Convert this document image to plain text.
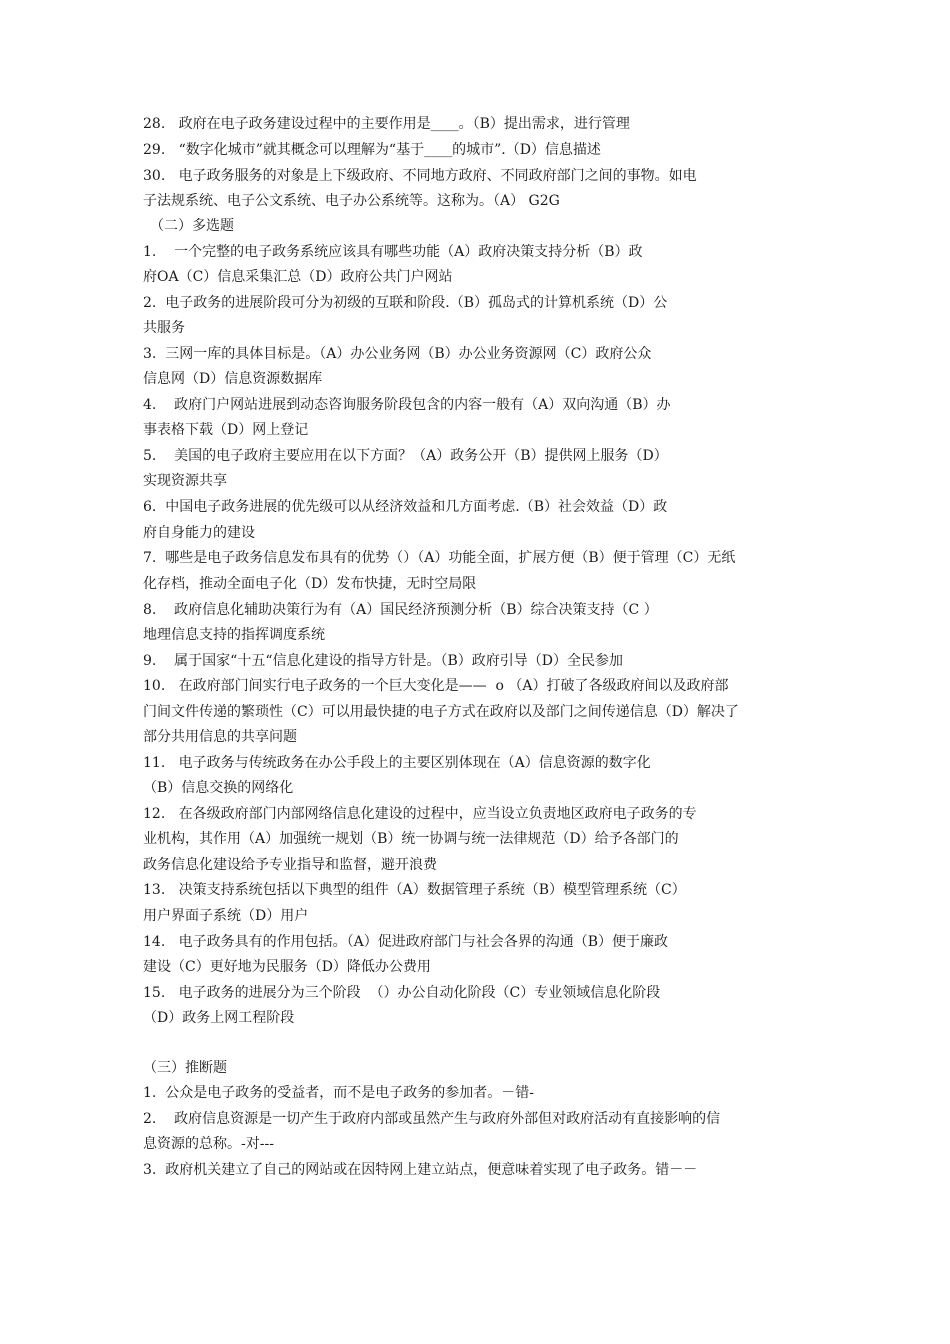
28.   政府在电子政务建设过程中的主要作用是____。（B）提出需求，进行管理
29.   “数字化城市”就其概念可以理解为“基于____的城市”.（D）信息描述
30.   电子政务服务的对象是上下级政府、不同地方政府、不同政府部门之间的事物。如电
子法规系统、电子公文系统、电子办公系统等。这称为。（A） G2G
（二）多选题
1.    一个完整的电子政务系统应该具有哪些功能（A）政府决策支持分析（B）政
府OA（C）信息采集汇总（D）政府公共门户网站
2.  电子政务的进展阶段可分为初级的互联和阶段.（B）孤岛式的计算机系统（D）公
共服务
3.  三网一库的具体目标是。（A）办公业务网（B）办公业务资源网（C）政府公众
信息网（D）信息资源数据库
4.    政府门户网站进展到动态咨询服务阶段包含的内容一般有（A）双向沟通（B）办
事表格下载（D）网上登记
5.    美国的电子政府主要应用在以下方面？（A）政务公开（B）提供网上服务（D）
实现资源共享
6.  中国电子政务进展的优先级可以从经济效益和几方面考虑.（B）社会效益（D）政
府自身能力的建设
7.  哪些是电子政务信息发布具有的优势（）（A）功能全面，扩展方便（B）便于管理（C）无纸
化存档，推动全面电子化（D）发布快捷，无时空局限
8.    政府信息化辅助决策行为有（A）国民经济预测分析（B）综合决策支持（C ）
地理信息支持的指挥调度系统
9.    属于国家“十五“信息化建设的指导方针是。（B）政府引导（D）全民参加
10.   在政府部门间实行电子政务的一个巨大变化是——  o （A）打破了各级政府间以及政府部
门间文件传递的繁琐性（C）可以用最快捷的电子方式在政府以及部门之间传递信息（D）解决了
部分共用信息的共享问题
11.   电子政务与传统政务在办公手段上的主要区别体现在（A）信息资源的数字化
（B）信息交换的网络化
12.   在各级政府部门内部网络信息化建设的过程中，应当设立负责地区政府电子政务的专
业机构，其作用（A）加强统一规划（B）统一协调与统一法律规范（D）给予各部门的
政务信息化建设给予专业指导和监督，避开浪费
13.   决策支持系统包括以下典型的组件（A）数据管理子系统（B）模型管理系统（C）
用户界面子系统（D）用户
14.   电子政务具有的作用包括。（A）促进政府部门与社会各界的沟通（B）便于廉政
建设（C）更好地为民服务（D）降低办公费用
15.   电子政务的进展分为三个阶段  （）办公自动化阶段（C）专业领域信息化阶段
（D）政务上网工程阶段
（三）推断题
1.  公众是电子政务的受益者，而不是电子政务的参加者。－错-
2.    政府信息资源是一切产生于政府内部或虽然产生与政府外部但对政府活动有直接影响的信
息资源的总称。-对---
3.  政府机关建立了自己的网站或在因特网上建立站点，便意味着实现了电子政务。错－－
